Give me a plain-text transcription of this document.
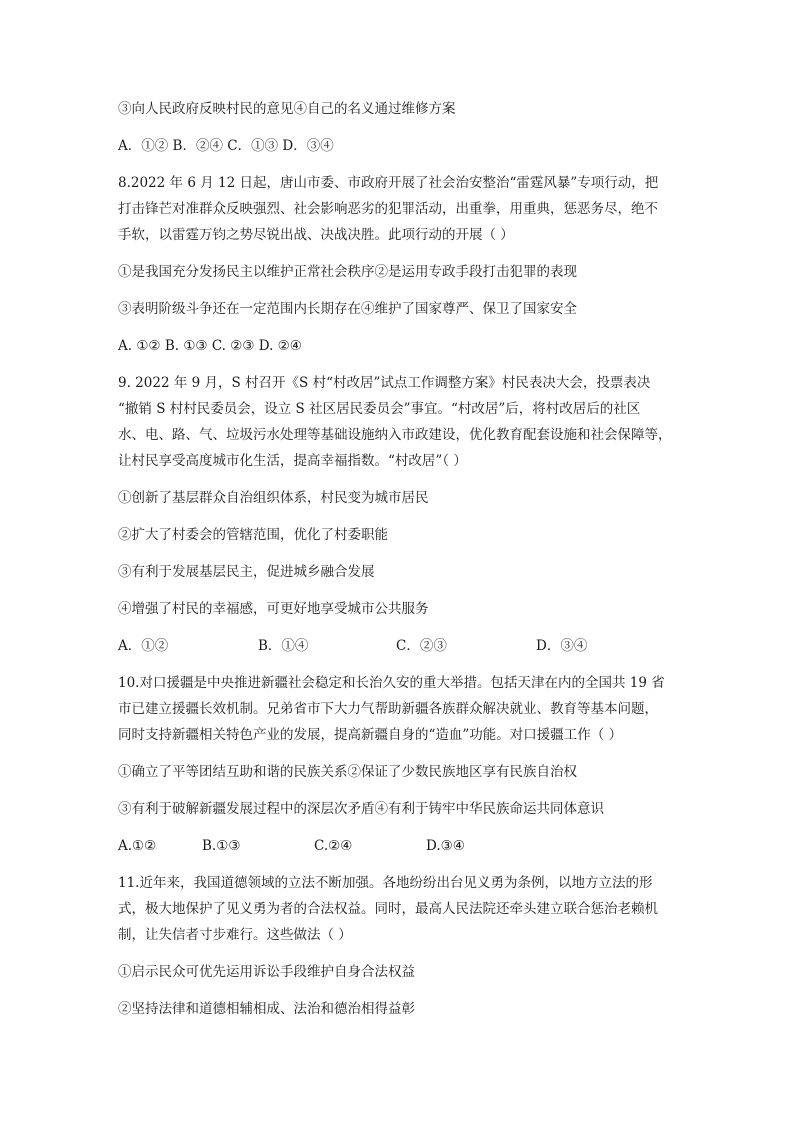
③向人民政府反映村民的意见④自己的名义通过维修方案

A．①② B．②④ C．①③ D．③④

8.2022 年 6 月 12 日起，唐山市委、市政府开展了社会治安整治“雷霆风暴”专项行动，把

打击锋芒对准群众反映强烈、社会影响恶劣的犯罪活动，出重拳，用重典，惩恶务尽，绝不

手软，以雷霆万钧之势尽锐出战、决战决胜。此项行动的开展（ ）

①是我国充分发扬民主以维护正常社会秩序②是运用专政手段打击犯罪的表现

③表明阶级斗争还在一定范围内长期存在④维护了国家尊严、保卫了国家安全

A. ①② B. ①③ C. ②③ D. ②④

9. 2022 年 9 月，S 村召开《S 村“村改居”试点工作调整方案》村民表决大会，投票表决

“撤销 S 村村民委员会，设立 S 社区居民委员会”事宜。“村改居”后，将村改居后的社区

水、电、路、气、垃圾污水处理等基础设施纳入市政建设，优化教育配套设施和社会保障等，

让村民享受高度城市化生活，提高幸福指数。“村改居”（ ）

①创新了基层群众自治组织体系，村民变为城市居民

②扩大了村委会的管辖范围，优化了村委职能

③有利于发展基层民主，促进城乡融合发展

④增强了村民的幸福感，可更好地享受城市公共服务

A．①②	B．①④	C．②③	D．③④

10.对口援疆是中央推进新疆社会稳定和长治久安的重大举措。包括天津在内的全国共 19 省

市已建立援疆长效机制。兄弟省市下大力气帮助新疆各族群众解决就业、教育等基本问题，

同时支持新疆相关特色产业的发展，提高新疆自身的“造血”功能。对口援疆工作（ ）

①确立了平等团结互助和谐的民族关系②保证了少数民族地区享有民族自治权

③有利于破解新疆发展过程中的深层次矛盾④有利于铸牢中华民族命运共同体意识

A.①②	B.①③	C.②④	D.③④

11.近年来，我国道德领域的立法不断加强。各地纷纷出台见义勇为条例，以地方立法的形

式，极大地保护了见义勇为者的合法权益。同时，最高人民法院还牵头建立联合惩治老赖机

制，让失信者寸步难行。这些做法（ ）

①启示民众可优先运用诉讼手段维护自身合法权益

②坚持法律和道德相辅相成、法治和德治相得益彰
